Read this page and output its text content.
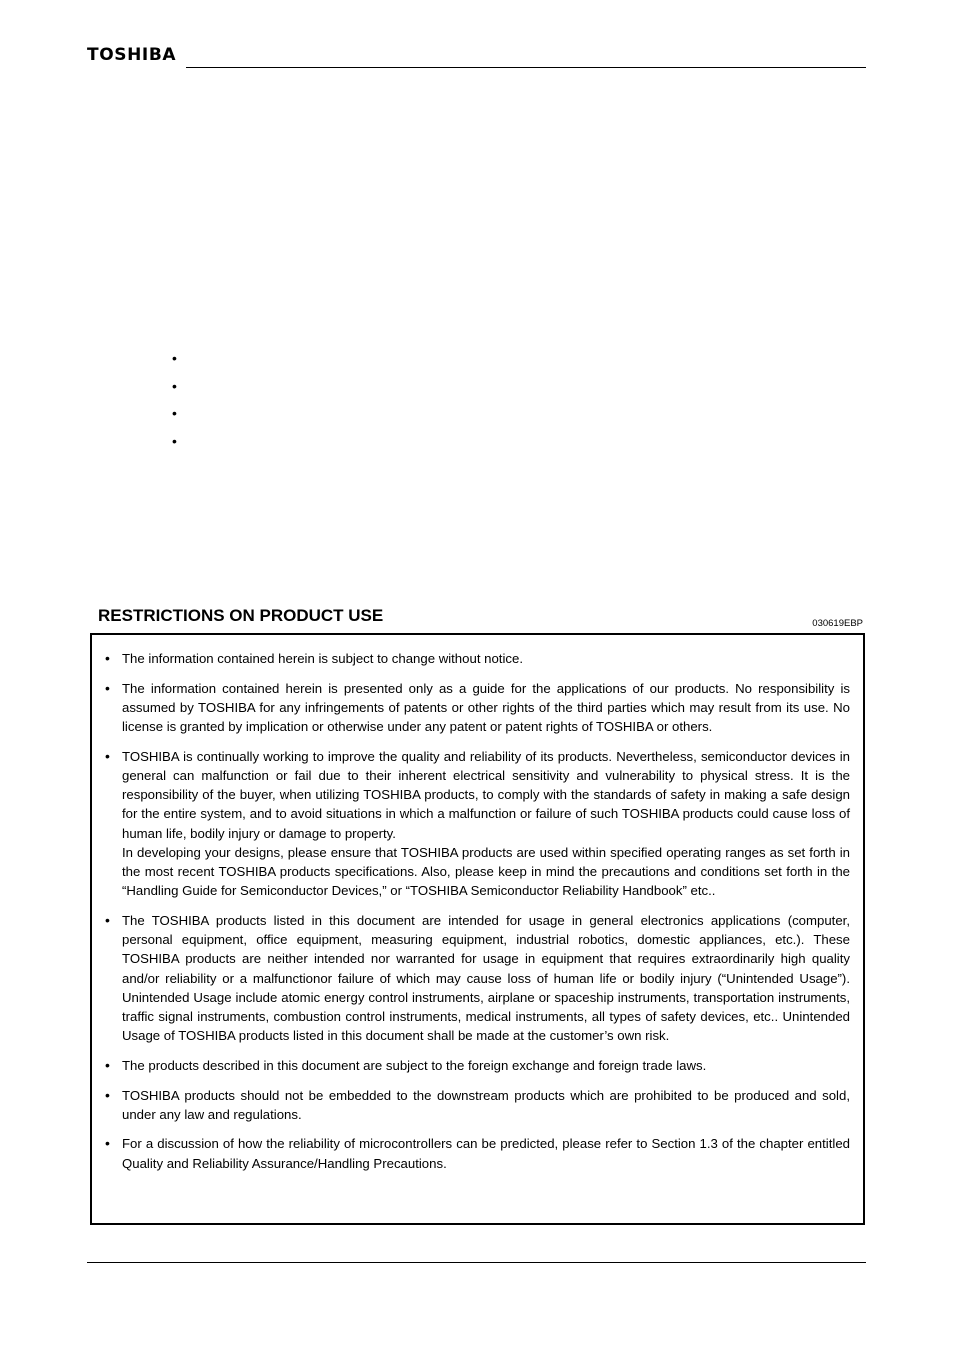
TOSHIBA
•
•
•
•
RESTRICTIONS ON PRODUCT USE	030619EBP
• The information contained herein is subject to change without notice.

• The information contained herein is presented only as a guide for the applications of our products. No responsibility is assumed by TOSHIBA for any infringements of patents or other rights of the third parties which may result from its use. No license is granted by implication or otherwise under any patent or patent rights of TOSHIBA or others.

• TOSHIBA is continually working to improve the quality and reliability of its products. Nevertheless, semiconductor devices in general can malfunction or fail due to their inherent electrical sensitivity and vulnerability to physical stress. It is the responsibility of the buyer, when utilizing TOSHIBA products, to comply with the standards of safety in making a safe design for the entire system, and to avoid situations in which a malfunction or failure of such TOSHIBA products could cause loss of human life, bodily injury or damage to property.

In developing your designs, please ensure that TOSHIBA products are used within specified operating ranges as set forth in the most recent TOSHIBA products specifications. Also, please keep in mind the precautions and conditions set forth in the “Handling Guide for Semiconductor Devices,” or “TOSHIBA Semiconductor Reliability Handbook” etc..

• The TOSHIBA products listed in this document are intended for usage in general electronics applications (computer, personal equipment, office equipment, measuring equipment, industrial robotics, domestic appliances, etc.). These TOSHIBA products are neither intended nor warranted for usage in equipment that requires extraordinarily high quality and/or reliability or a malfunctionor failure of which may cause loss of human life or bodily injury (“Unintended Usage”). Unintended Usage include atomic energy control instruments, airplane or spaceship instruments, transportation instruments, traffic signal instruments, combustion control instruments, medical instruments, all types of safety devices, etc.. Unintended Usage of TOSHIBA products listed in this document shall be made at the customer’s own risk.

• The products described in this document are subject to the foreign exchange and foreign trade laws.

• TOSHIBA products should not be embedded to the downstream products which are prohibited to be produced and sold, under any law and regulations.

• For a discussion of how the reliability of microcontrollers can be predicted, please refer to Section 1.3 of the chapter entitled Quality and Reliability Assurance/Handling Precautions.
